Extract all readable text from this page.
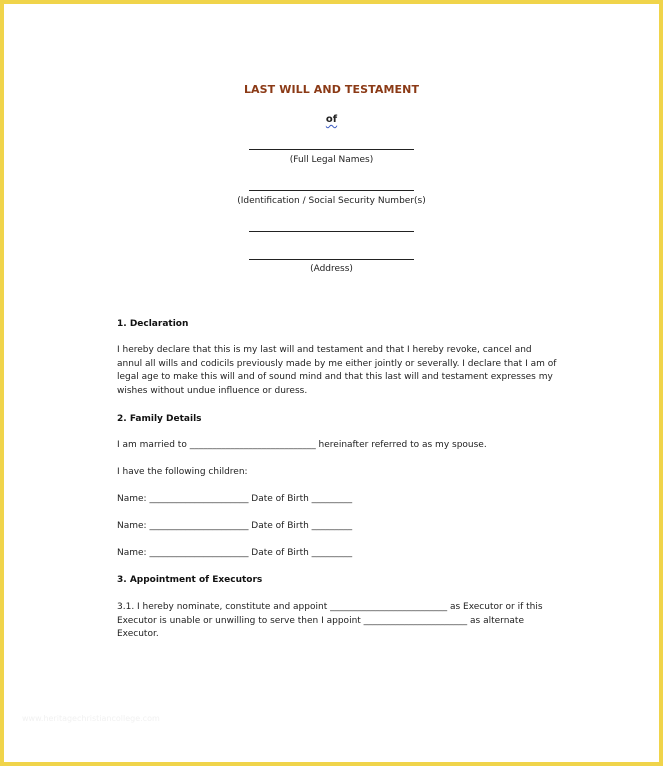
LAST WILL AND TESTAMENT
of
(Full Legal Names)
(Identification / Social Security Number(s)
(Address)
1. Declaration
I hereby declare that this is my last will and testament and that I hereby revoke, cancel and annul all wills and codicils previously made by me either jointly or severally. I declare that I am of legal age to make this will and of sound mind and that this last will and testament expresses my wishes without undue influence or duress.
2. Family Details
I am married to ____________________________ hereinafter referred to as my spouse.
I have the following children:
Name: ______________________ Date of Birth _________
Name: ______________________ Date of Birth _________
Name: ______________________ Date of Birth _________
3. Appointment of Executors
3.1. I hereby nominate, constitute and appoint __________________________ as Executor or if this Executor is unable or unwilling to serve then I appoint _______________________ as alternate Executor.
www.heritagechristiancollege.com
